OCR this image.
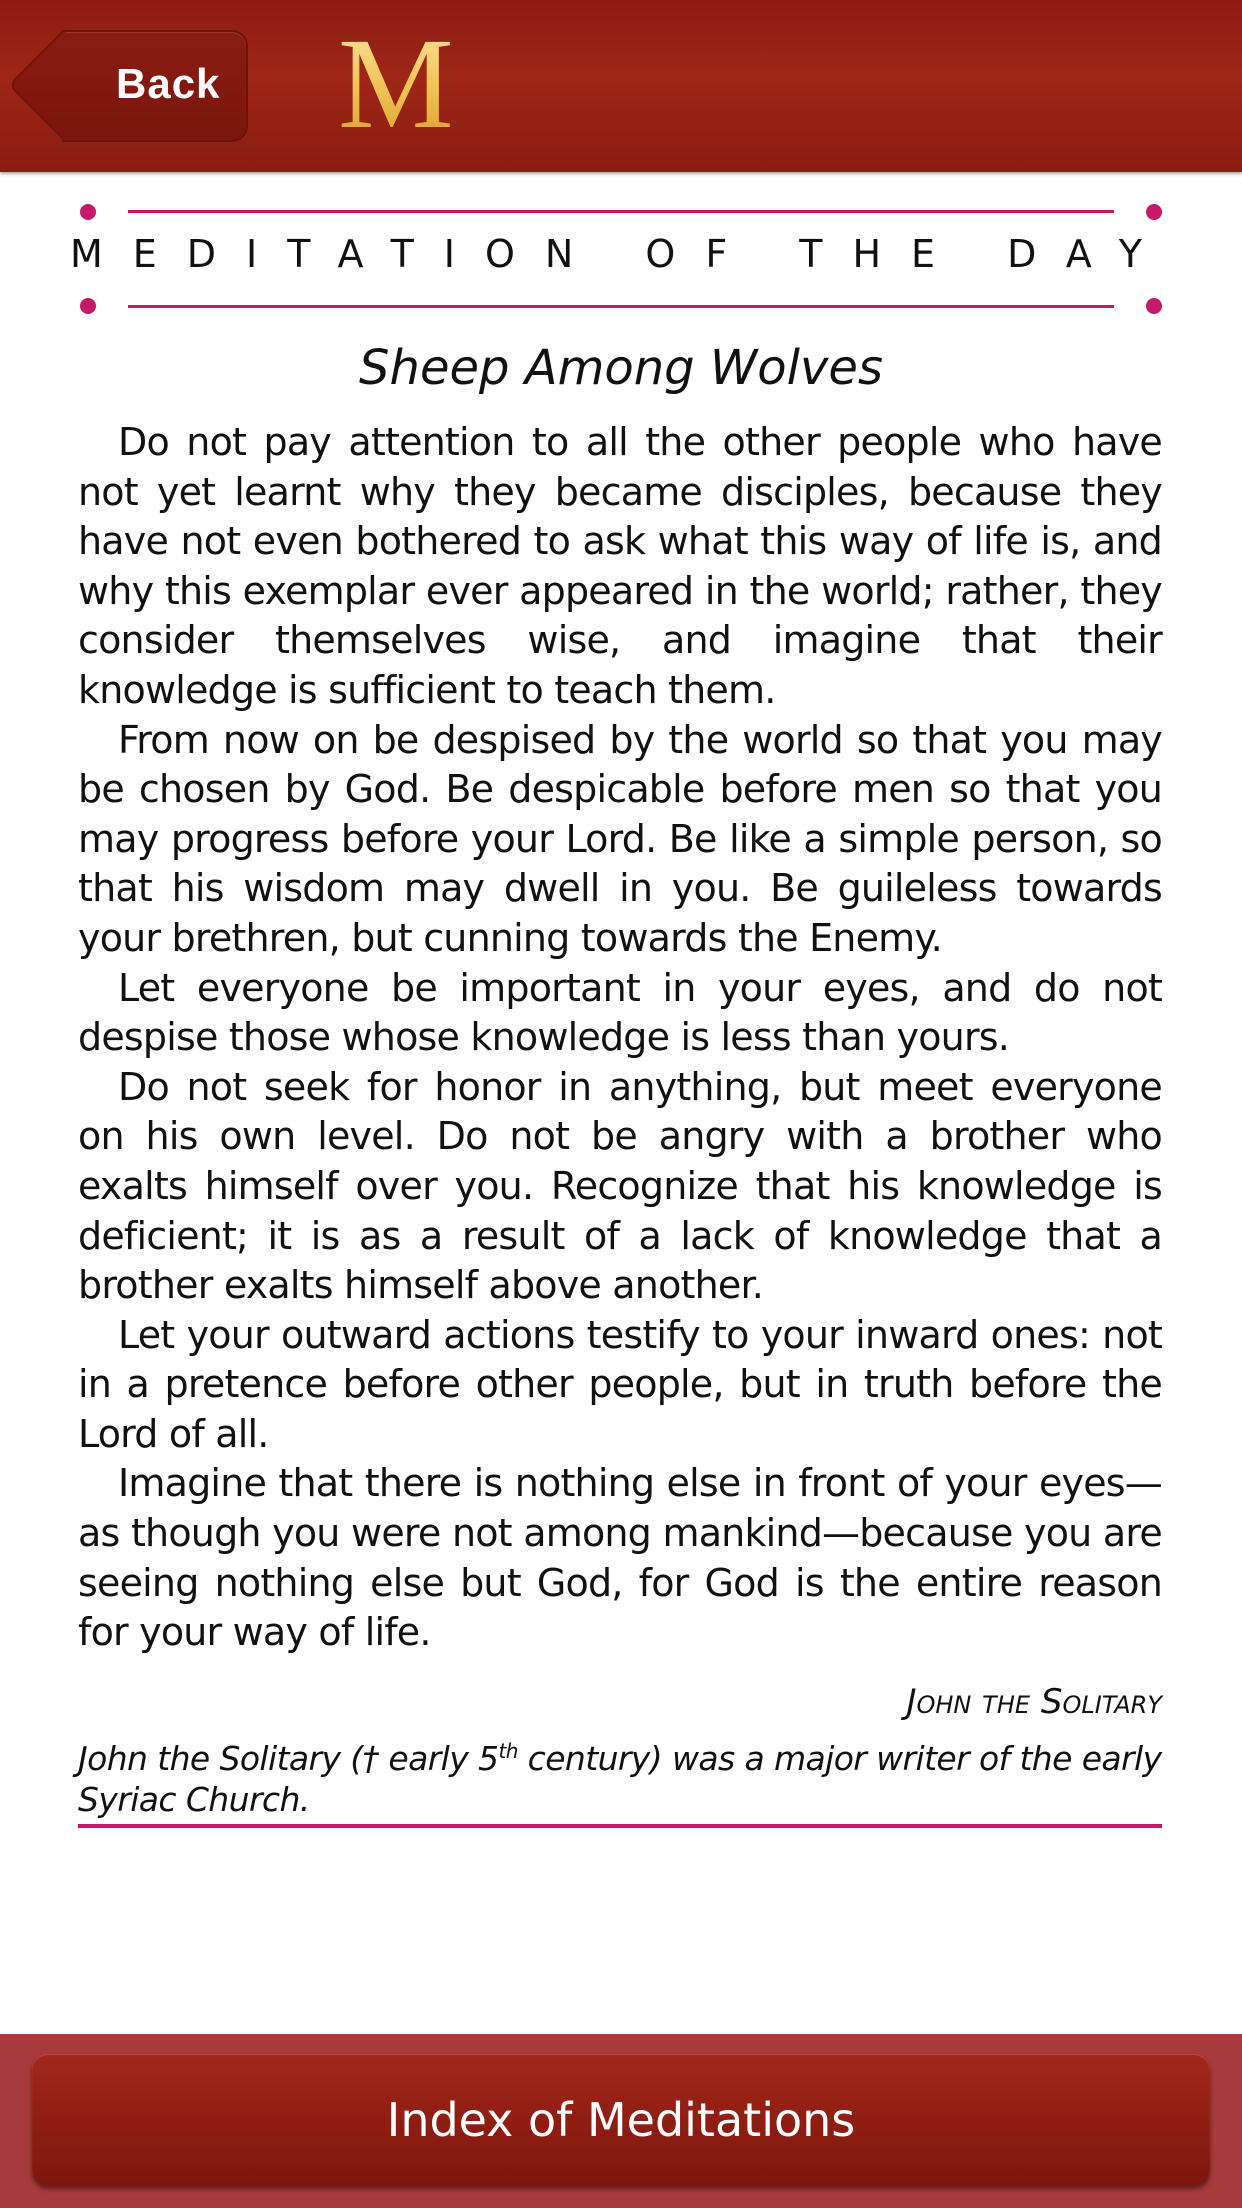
Back MAGNIFICAT®
MEDITATION OF THE DAY
Sheep Among Wolves

Do not pay attention to all the other people who have not yet learnt why they became disciples, because they have not even bothered to ask what this way of life is, and why this exemplar ever appeared in the world; rather, they consider themselves wise, and imagine that their knowledge is sufficient to teach them.

From now on be despised by the world so that you may be chosen by God. Be despicable before men so that you may progress before your Lord. Be like a simple person, so that his wisdom may dwell in you. Be guileless towards your brethren, but cunning towards the Enemy.

Let everyone be important in your eyes, and do not despise those whose knowledge is less than yours.

Do not seek for honor in anything, but meet everyone on his own level. Do not be angry with a brother who exalts himself over you. Recognize that his knowledge is deficient; it is as a result of a lack of knowledge that a brother exalts himself above another.

Let your outward actions testify to your inward ones: not in a pretence before other people, but in truth before the Lord of all.

Imagine that there is nothing else in front of your eyes—as though you were not among mankind—because you are seeing nothing else but God, for God is the entire reason for your way of life.

John the Solitary
John the Solitary († early 5th century) was a major writer of the early Syriac Church.
Index of Meditations
